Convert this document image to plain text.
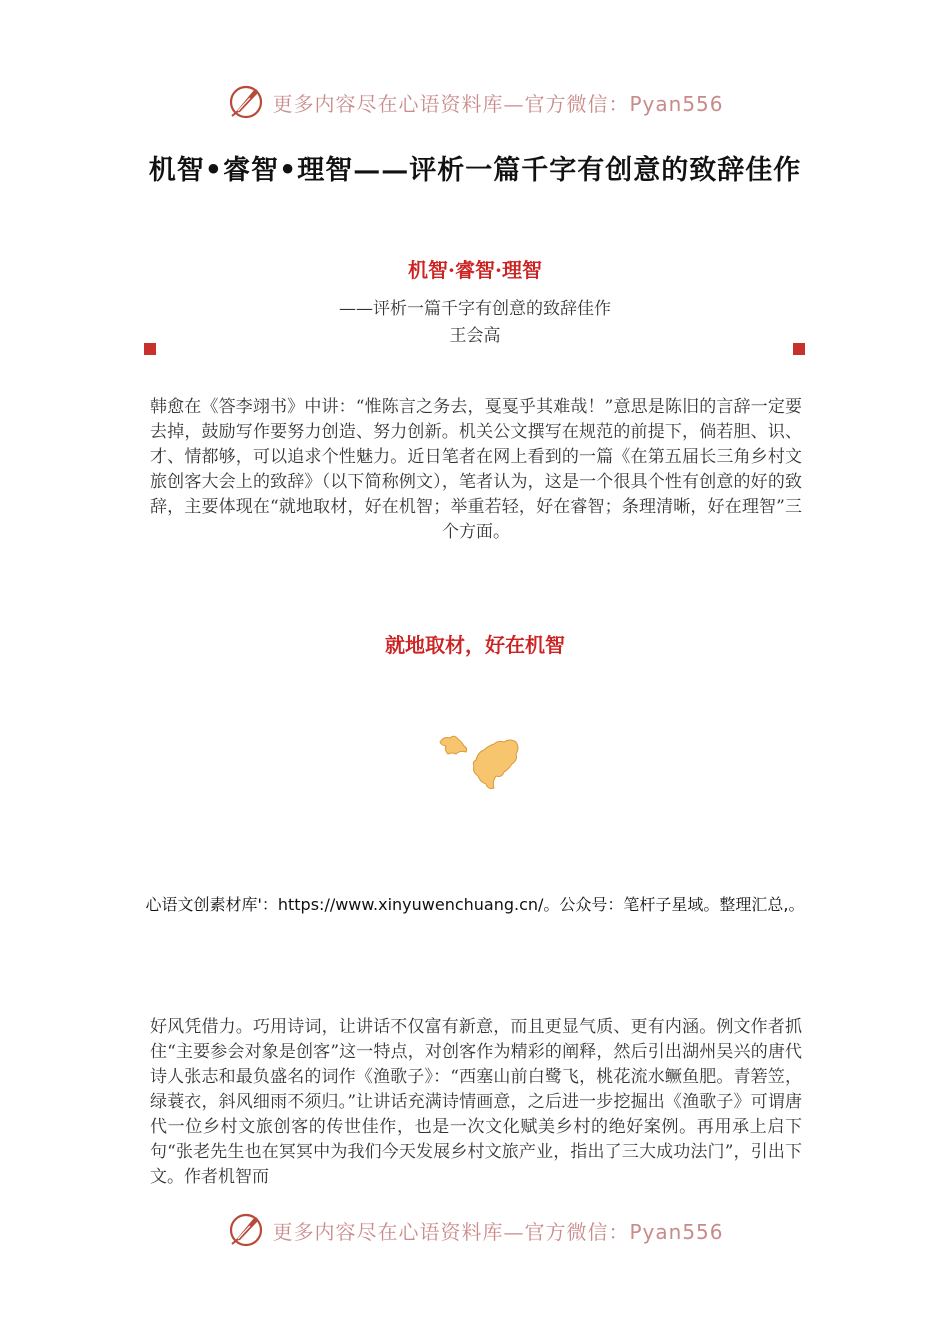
更多内容尽在心语资料库—官方微信：Pyan556
机智•睿智•理智——评析一篇千字有创意的致辞佳作
机智·睿智·理智
——评析一篇千字有创意的致辞佳作
王会高
韩愈在《答李翊书》中讲：“惟陈言之务去，戛戛乎其难哉！”意思是陈旧的言辞一定要去掉，鼓励写作要努力创造、努力创新。机关公文撰写在规范的前提下，倘若胆、识、才、情都够，可以追求个性魅力。近日笔者在网上看到的一篇《在第五届长三角乡村文旅创客大会上的致辞》（以下简称例文），笔者认为，这是一个很具个性有创意的好的致辞，主要体现在“就地取材，好在机智；举重若轻，好在睿智；条理清晰，好在理智”三个方面。
就地取材，好在机智
心语文创素材库'：https://www.xinyuwenchuang.cn/。公众号：笔杆子星域。整理汇总,。
好风凭借力。巧用诗词，让讲话不仅富有新意，而且更显气质、更有内涵。例文作者抓住“主要参会对象是创客”这一特点，对创客作为精彩的阐释，然后引出湖州吴兴的唐代诗人张志和最负盛名的词作《渔歌子》：“西塞山前白鹭飞，桃花流水鳜鱼肥。青箬笠，绿蓑衣，斜风细雨不须归。”让讲话充满诗情画意，之后进一步挖掘出《渔歌子》可谓唐代一位乡村文旅创客的传世佳作，也是一次文化赋美乡村的绝好案例。再用承上启下句“张老先生也在冥冥中为我们今天发展乡村文旅产业，指出了三大成功法门”，引出下文。作者机智而
更多内容尽在心语资料库—官方微信：Pyan556
